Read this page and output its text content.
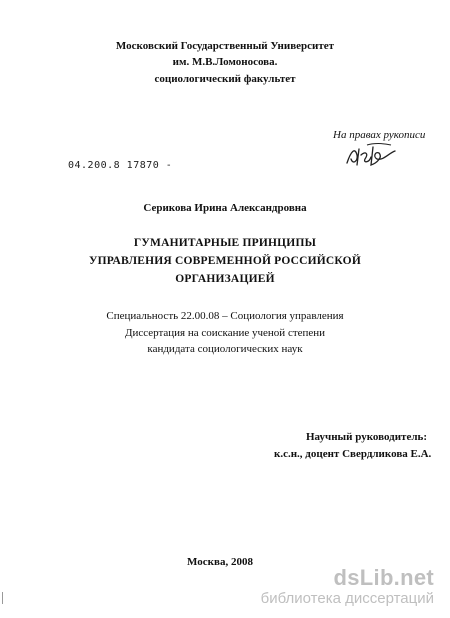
Московский Государственный Университет
им. М.В.Ломоносова.
социологический факультет
На правах рукописи
04.200.8 17870 -
Серикова Ирина Александровна
ГУМАНИТАРНЫЕ ПРИНЦИПЫ
УПРАВЛЕНИЯ СОВРЕМЕННОЙ РОССИЙСКОЙ
ОРГАНИЗАЦИЕЙ
Специальность 22.00.08 – Социология управления
Диссертация на соискание ученой степени
кандидата социологических наук
Научный руководитель:
к.с.н., доцент Свердликова Е.А.
Москва, 2008
dsLib.net
библиотека диссертаций
